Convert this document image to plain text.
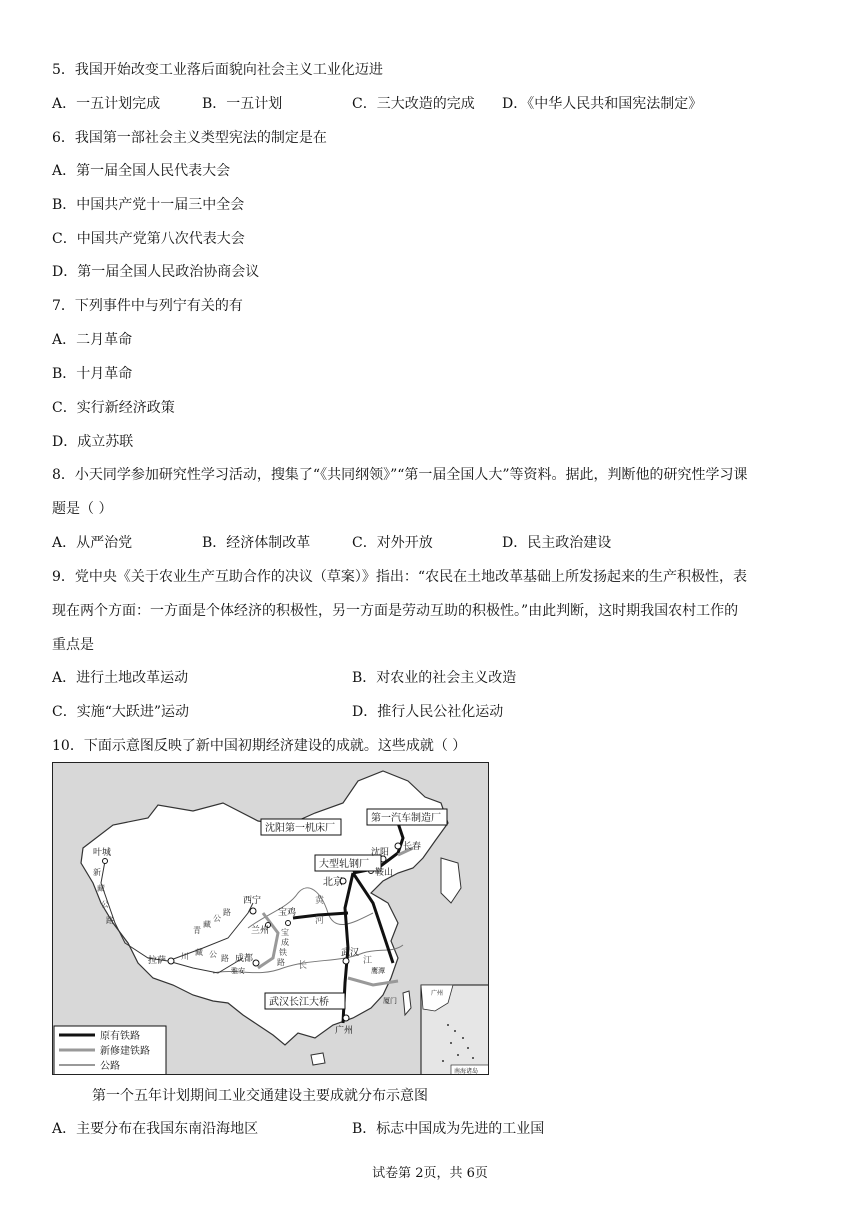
5．我国开始改变工业落后面貌向社会主义工业化迈进
A．一五计划完成	B．一五计划	C．三大改造的完成 D．《中华人民共和国宪法制定》
6．我国第一部社会主义类型宪法的制定是在
A．第一届全国人民代表大会
B．中国共产党十一届三中全会
C．中国共产党第八次代表大会
D．第一届全国人民政治协商会议
7．下列事件中与列宁有关的有
A．二月革命
B．十月革命
C．实行新经济政策
D．成立苏联
8．小天同学参加研究性学习活动，搜集了“《共同纲领》”“第一届全国人大”等资料。据此，判断他的研究性学习课
题是（ ）
A．从严治党	B．经济体制改革	C．对外开放	D．民主政治建设
9．党中央《关于农业生产互助合作的决议（草案）》指出：“农民在土地改革基础上所发扬起来的生产积极性，表
现在两个方面：一方面是个体经济的积极性，另一方面是劳动互助的积极性。”由此判断，这时期我国农村工作的
重点是
A．进行土地改革运动	B．对农业的社会主义改造
C．实施“大跃进”运动	D．推行人民公社化运动
10．下面示意图反映了新中国初期经济建设的成就。这些成就（ ）
沈阳第一机床厂
第一汽车制造厂
大型轧钢厂
武汉长江大桥
长春
沈阳
鞍山
北京
西宁
兰州
宝鸡
成都
武汉
广州
拉萨
叶城
雅安	鹰潭
厦门
新
藏
公
路
青
藏
公
路
川 藏 公 路
宝
成
铁
路
黄
河
长	江
南海诸岛
广州
原有铁路
新修建铁路
公路
第一个五年计划期间工业交通建设主要成就分布示意图
A．主要分布在我国东南沿海地区	B．标志中国成为先进的工业国
试卷第 2页，共 6页
